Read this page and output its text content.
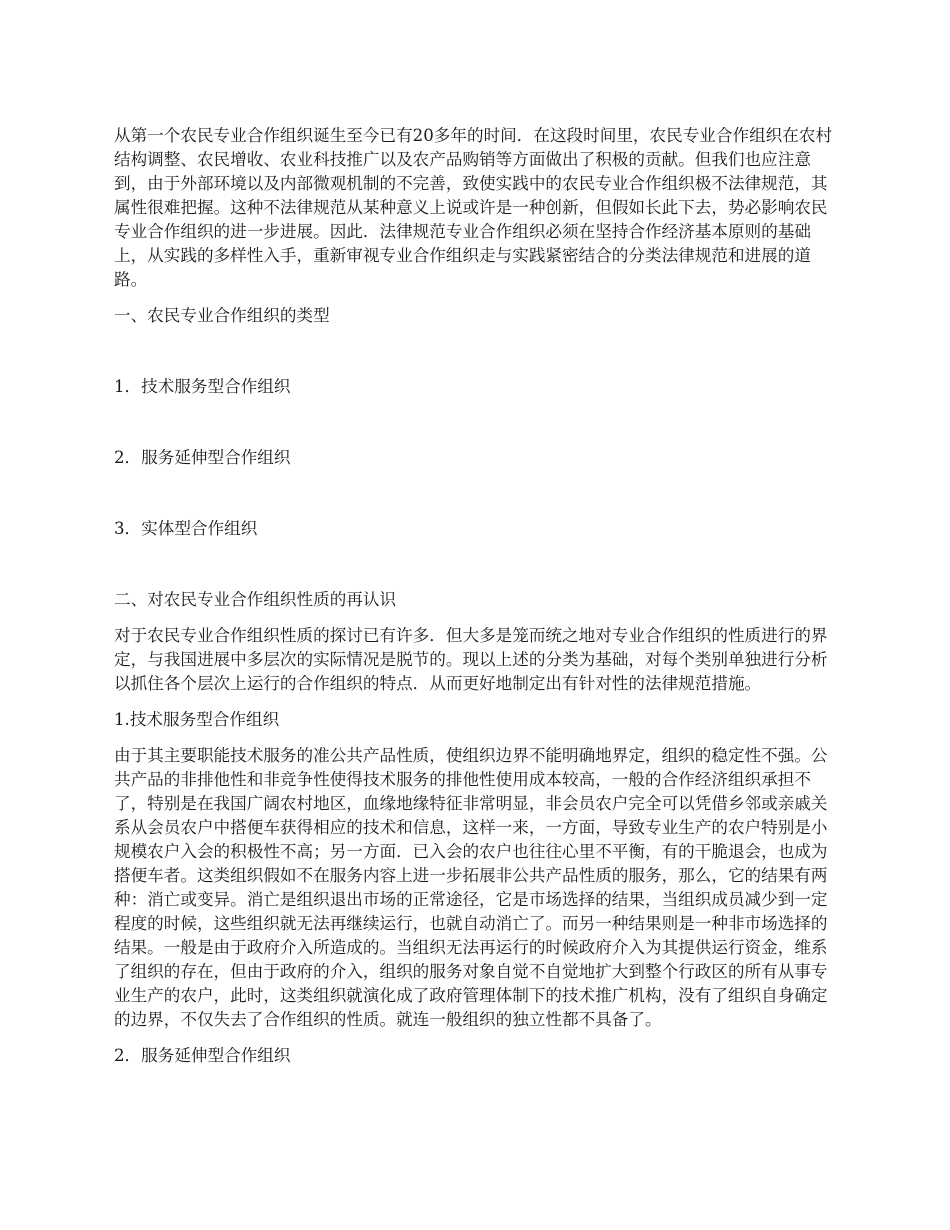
从第一个农民专业合作组织诞生至今已有20多年的时间．在这段时间里，农民专业合作组织在农村结构调整、农民增收、农业科技推广以及农产品购销等方面做出了积极的贡献。但我们也应注意到，由于外部环境以及内部微观机制的不完善，致使实践中的农民专业合作组织极不法律规范，其属性很难把握。这种不法律规范从某种意义上说或许是一种创新，但假如长此下去，势必影响农民专业合作组织的进一步进展。因此．法律规范专业合作组织必须在坚持合作经济基本原则的基础上，从实践的多样性入手，重新审视专业合作组织走与实践紧密结合的分类法律规范和进展的道路。

一、农民专业合作组织的类型

1．技术服务型合作组织

2．服务延伸型合作组织

3．实体型合作组织

二、对农民专业合作组织性质的再认识

对于农民专业合作组织性质的探讨已有许多．但大多是笼而统之地对专业合作组织的性质进行的界定，与我国进展中多层次的实际情况是脱节的。现以上述的分类为基础，对每个类别单独进行分析以抓住各个层次上运行的合作组织的特点．从而更好地制定出有针对性的法律规范措施。

1.技术服务型合作组织

由于其主要职能技术服务的准公共产品性质，使组织边界不能明确地界定，组织的稳定性不强。公共产品的非排他性和非竞争性使得技术服务的排他性使用成本较高，一般的合作经济组织承担不了，特别是在我国广阔农村地区，血缘地缘特征非常明显，非会员农户完全可以凭借乡邻或亲戚关系从会员农户中搭便车获得相应的技术和信息，这样一来，一方面，导致专业生产的农户特别是小规模农户入会的积极性不高；另一方面．已入会的农户也往往心里不平衡，有的干脆退会，也成为搭便车者。这类组织假如不在服务内容上进一步拓展非公共产品性质的服务，那么，它的结果有两种：消亡或变异。消亡是组织退出市场的正常途径，它是市场选择的结果，当组织成员减少到一定程度的时候，这些组织就无法再继续运行，也就自动消亡了。而另一种结果则是一种非市场选择的结果。一般是由于政府介入所造成的。当组织无法再运行的时候政府介入为其提供运行资金，维系了组织的存在，但由于政府的介入，组织的服务对象自觉不自觉地扩大到整个行政区的所有从事专业生产的农户，此时，这类组织就演化成了政府管理体制下的技术推广机构，没有了组织自身确定的边界，不仅失去了合作组织的性质。就连一般组织的独立性都不具备了。

2．服务延伸型合作组织
